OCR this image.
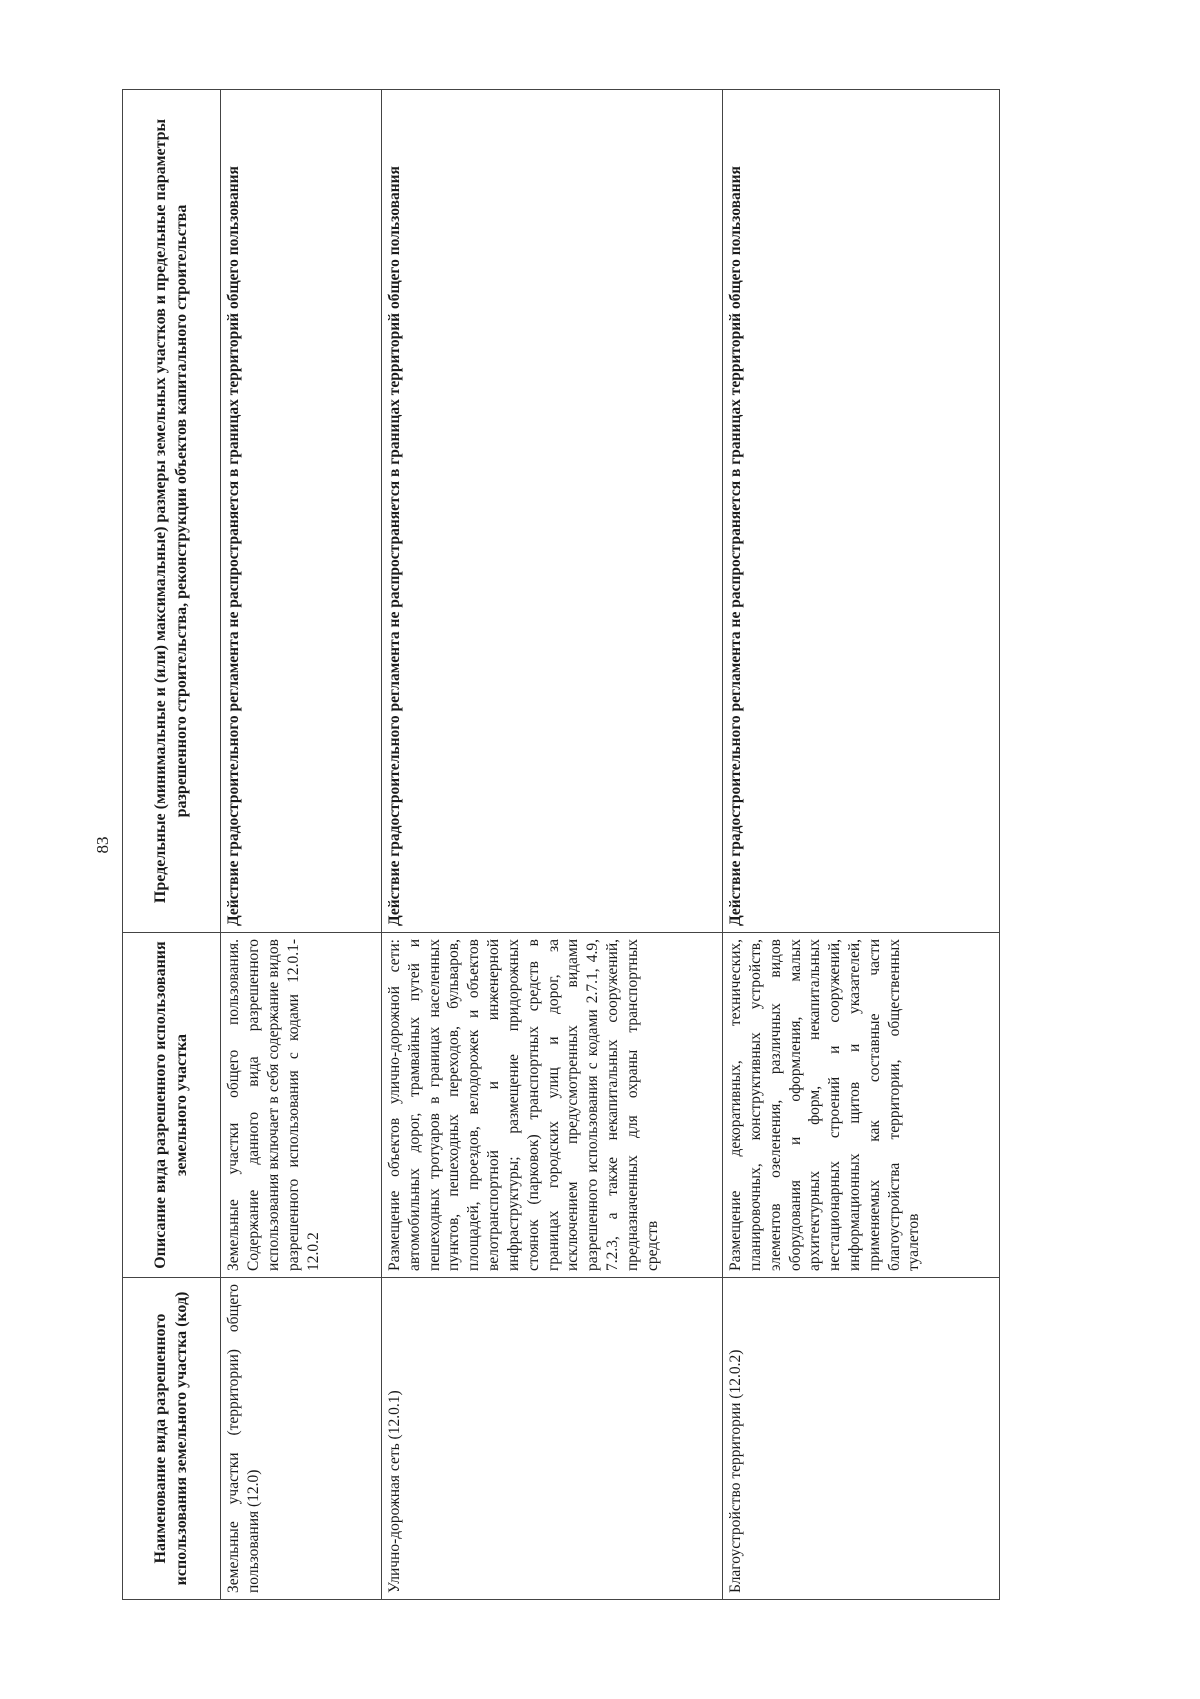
83
Наименование вида разрешенного использования земельного участка (код)	Описание вида разрешенного использования земельного участка	Предельные (минимальные и (или) максимальные) размеры земельных участков и предельные параметры разрешенного строительства, реконструкции объектов капитального строительства
Земельные участки (территории) общего пользования (12.0)	Земельные участки общего пользования. Содержание данного вида разрешенного использования включает в себя содержание видов разрешенного использования с кодами 12.0.1-12.0.2	Действие градостроительного регламента не распространяется в границах территорий общего пользования
Улично-дорожная сеть (12.0.1)	Размещение объектов улично-дорожной сети: автомобильных дорог, трамвайных путей и пешеходных тротуаров в границах населенных пунктов, пешеходных переходов, бульваров, площадей, проездов, велодорожек и объектов велотранспортной и инженерной инфраструктуры; размещение придорожных стоянок (парковок) транспортных средств в границах городских улиц и дорог, за исключением предусмотренных видами разрешенного использования с кодами 2.7.1, 4.9, 7.2.3, а также некапитальных сооружений, предназначенных для охраны транспортных средств	Действие градостроительного регламента не распространяется в границах территорий общего пользования
Благоустройство территории (12.0.2)	Размещение декоративных, технических, планировочных, конструктивных устройств, элементов озеленения, различных видов оборудования и оформления, малых архитектурных форм, некапитальных нестационарных строений и сооружений, информационных щитов и указателей, применяемых как составные части благоустройства территории, общественных туалетов	Действие градостроительного регламента не распространяется в границах территорий общего пользования
